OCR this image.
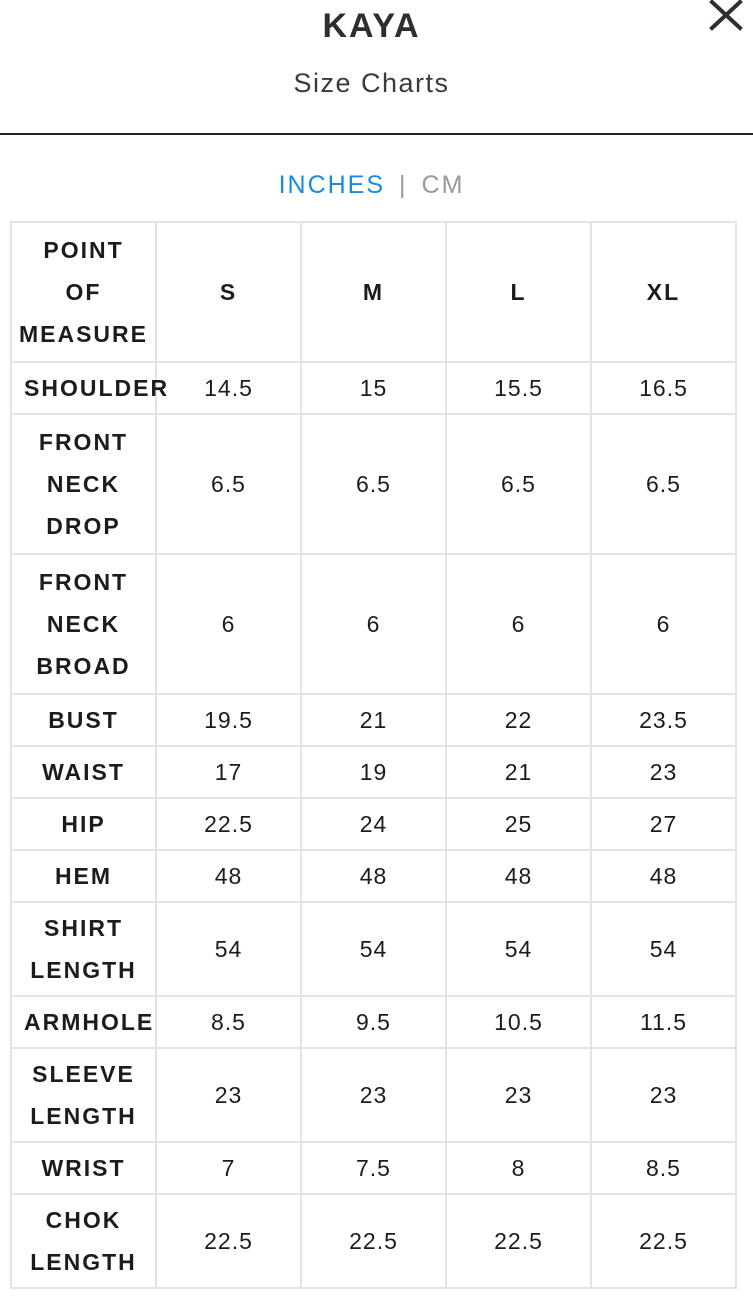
KAYA
Size Charts
INCHES | CM
POINT OF MEASURE	S	M	L	XL
SHOULDER	14.5	15	15.5	16.5
FRONT NECK DROP	6.5	6.5	6.5	6.5
FRONT NECK BROAD	6	6	6	6
BUST	19.5	21	22	23.5
WAIST	17	19	21	23
HIP	22.5	24	25	27
HEM	48	48	48	48
SHIRT LENGTH	54	54	54	54
ARMHOLE	8.5	9.5	10.5	11.5
SLEEVE LENGTH	23	23	23	23
WRIST	7	7.5	8	8.5
CHOK LENGTH	22.5	22.5	22.5	22.5
